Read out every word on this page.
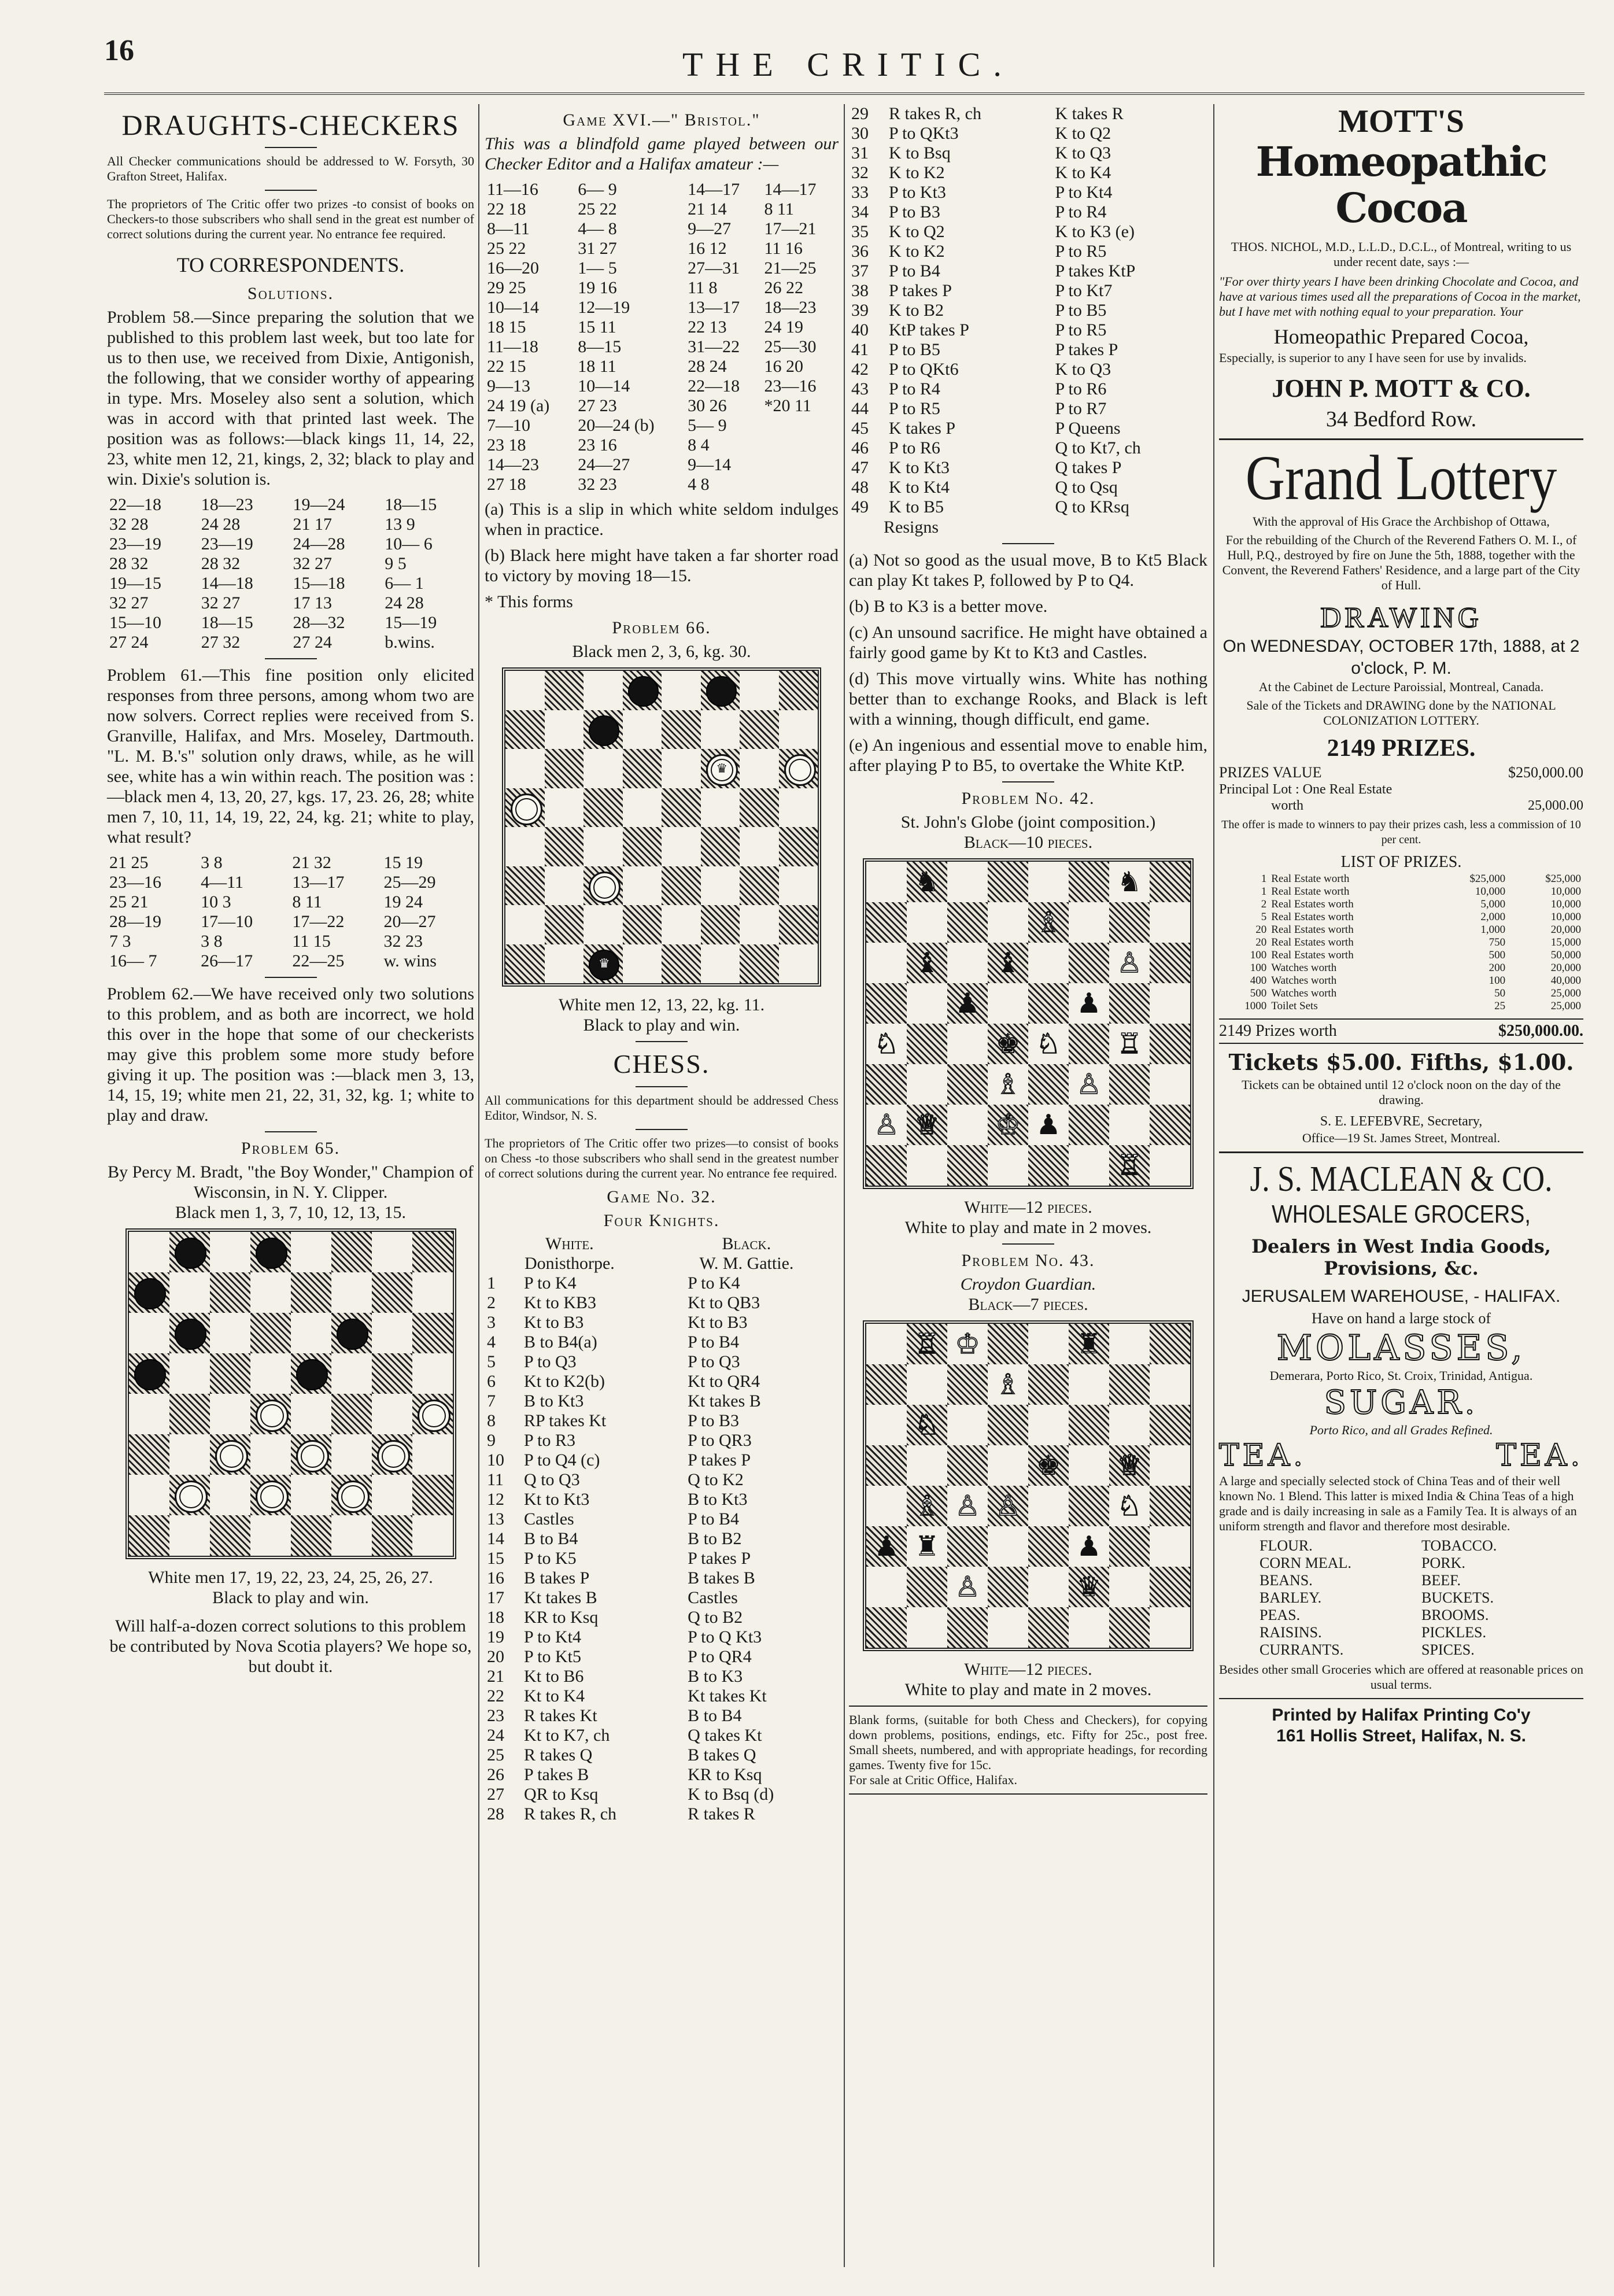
16	THE CRITIC.
DRAUGHTS-CHECKERS

All Checker communications should be addressed to W. Forsyth, 30 Grafton Street, Halifax.

The proprietors of The Critic offer two prizes -to consist of books on Checkers-to those subscribers who shall send in the great est number of correct solutions during the current year. No entrance fee required.

TO CORRESPONDENTS.
Solutions.

Problem 58.—Since preparing the solution that we published to this problem last week, but too late for us to then use, we received from Dixie, Antigonish, the following, that we consider worthy of appearing in type. Mrs. Moseley also sent a solution, which was in accord with that printed last week. The position was as follows:—black kings 11, 14, 22, 23, white men 12, 21, kings, 2, 32; black to play and win. Dixie's solution is.

22—18	18—23	19—24	18—15
32 28	24 28	21 17	13 9
23—19	23—19	24—28	10— 6
28 32	28 32	32 27	9 5
19—15	14—18	15—18	6— 1
32 27	32 27	17 13	24 28
15—10	18—15	28—32	15—19
27 24	27 32	27 24	b.wins.

Problem 61.—This fine position only elicited responses from three persons, among whom two are now solvers. Correct replies were received from S. Granville, Halifax, and Mrs. Moseley, Dartmouth. "L. M. B.'s" solution only draws, while, as he will see, white has a win within reach. The position was :—black men 4, 13, 20, 27, kgs. 17, 23. 26, 28; white men 7, 10, 11, 14, 19, 22, 24, kg. 21; white to play, what result?

21 25	3 8	21 32	15 19
23—16	4—11	13—17	25—29
25 21	10 3	8 11	19 24
28—19	17—10	17—22	20—27
7 3	3 8	11 15	32 23
16— 7	26—17	22—25	w. wins

Problem 62.—We have received only two solutions to this problem, and as both are incorrect, we hold this over in the hope that some of our checkerists may give this problem some more study before giving it up. The position was :—black men 3, 13, 14, 15, 19; white men 21, 22, 31, 32, kg. 1; white to play and draw.

Problem 65.
By Percy M. Bradt, "the Boy Wonder," Champion of Wisconsin, in N. Y. Clipper.
Black men 1, 3, 7, 10, 12, 13, 15.
White men 17, 19, 22, 23, 24, 25, 26, 27.
Black to play and win.

Will half-a-dozen correct solutions to this problem be contributed by Nova Scotia players? We hope so, but doubt it.

Game XVI.—" Bristol."

This was a blindfold game played between our Checker Editor and a Halifax amateur :—

11—16	6— 9	14—17	14—17
22 18	25 22	21 14	8 11
8—11	4— 8	9—27	17—21
25 22	31 27	16 12	11 16
16—20	1— 5	27—31	21—25
29 25	19 16	11 8	26 22
10—14	12—19	13—17	18—23
18 15	15 11	22 13	24 19
11—18	8—15	31—22	25—30
22 15	18 11	28 24	16 20
9—13	10—14	22—18	23—16
24 19 (a)	27 23	30 26	*20 11
7—10	20—24 (b)	5— 9	
23 18	23 16	8 4	
14—23	24—27	9—14	
27 18	32 23	4 8	

(a) This is a slip in which white seldom indulges when in practice.

(b) Black here might have taken a far shorter road to victory by moving 18—15.

* This forms

Problem 66.
Black men 2, 3, 6, kg. 30.
♛
♛
White men 12, 13, 22, kg. 11.
Black to play and win.
CHESS.

All communications for this department should be addressed Chess Editor, Windsor, N. S.

The proprietors of The Critic offer two prizes—to consist of books on Chess -to those subscribers who shall send in the greatest number of correct solutions during the current year. No entrance fee required.

Game No. 32.
Four Knights.
White.	Black.
Donisthorpe.	W. M. Gattie.
1	P to K4	P to K4
2	Kt to KB3	Kt to QB3
3	Kt to B3	Kt to B3
4	B to B4(a)	P to B4
5	P to Q3	P to Q3
6	Kt to K2(b)	Kt to QR4
7	B to Kt3	Kt takes B
8	RP takes Kt	P to B3
9	P to R3	P to QR3
10	P to Q4 (c)	P takes P
11	Q to Q3	Q to K2
12	Kt to Kt3	B to Kt3
13	Castles	P to B4
14	B to B4	B to B2
15	P to K5	P takes P
16	B takes P	B takes B
17	Kt takes B	Castles
18	KR to Ksq	Q to B2
19	P to Kt4	P to Q Kt3
20	P to Kt5	P to QR4
21	Kt to B6	B to K3
22	Kt to K4	Kt takes Kt
23	R takes Kt	B to B4
24	Kt to K7, ch	Q takes Kt
25	R takes Q	B takes Q
26	P takes B	KR to Ksq
27	QR to Ksq	K to Bsq (d)
28	R takes R, ch	R takes R
29	R takes R, ch	K takes R
30	P to QKt3	K to Q2
31	K to Bsq	K to Q3
32	K to K2	K to K4
33	P to Kt3	P to Kt4
34	P to B3	P to R4
35	K to Q2	K to K3 (e)
36	K to K2	P to R5
37	P to B4	P takes KtP
38	P takes P	P to Kt7
39	K to B2	P to B5
40	KtP takes P	P to R5
41	P to B5	P takes P
42	P to QKt6	K to Q3
43	P to R4	P to R6
44	P to R5	P to R7
45	K takes P	P Queens
46	P to R6	Q to Kt7, ch
47	K to Kt3	Q takes P
48	K to Kt4	Q to Qsq
49	K to B5	Q to KRsq
Resigns

(a) Not so good as the usual move, B to Kt5 Black can play Kt takes P, followed by P to Q4.

(b) B to K3 is a better move.

(c) An unsound sacrifice. He might have obtained a fairly good game by Kt to Kt3 and Castles.

(d) This move virtually wins. White has nothing better than to exchange Rooks, and Black is left with a winning, though difficult, end game.

(e) An ingenious and essential move to enable him, after playing P to B5, to overtake the White KtP.

Problem No. 42.
St. John's Globe (joint composition.)
Black—10 pieces.
♞	♞
♗
♝ ♝	♙
♟	♟
♘	♚ ♘ ♖
♗ ♙
♙ ♕ ♔ ♟
♖
White—12 pieces.
White to play and mate in 2 moves.
Problem No. 43.
Croydon Guardian.
Black—7 pieces.
♖ ♔	♜
♗
♘
♚ ♕
♗ ♙ ♙	♘
♟ ♜	♟
♙	♛
White—12 pieces.
White to play and mate in 2 moves.

Blank forms, (suitable for both Chess and Checkers), for copying down problems, positions, endings, etc. Fifty for 25c., post free. Small sheets, numbered, and with appropriate headings, for recording games. Twenty five for 15c.

For sale at Critic Office, Halifax.

MOTT'S
Homeopathic Cocoa
THOS. NICHOL, M.D., L.L.D., D.C.L., of Montreal, writing to us under recent date, says :—
"For over thirty years I have been drinking Chocolate and Cocoa, and have at various times used all the preparations of Cocoa in the market, but I have met with nothing equal to your preparation. Your
Homeopathic Prepared Cocoa,
Especially, is superior to any I have seen for use by invalids.
JOHN P. MOTT & CO.
34 Bedford Row.
Grand Lottery
With the approval of His Grace the Archbishop of Ottawa,
For the rebuilding of the Church of the Reverend Fathers O. M. I., of Hull, P.Q., destroyed by fire on June the 5th, 1888, together with the Convent, the Reverend Fathers' Residence, and a large part of the City of Hull.
DRAWING
On WEDNESDAY, OCTOBER 17th, 1888, at 2 o'clock, P. M.
At the Cabinet de Lecture Paroissial, Montreal, Canada.
Sale of the Tickets and DRAWING done by the NATIONAL COLONIZATION LOTTERY.
2149 PRIZES.
PRIZES VALUE	$250,000.00
Principal Lot : One Real Estate
worth	25,000.00
The offer is made to winners to pay their prizes cash, less a commission of 10 per cent.
LIST OF PRIZES.
1	Real Estate worth	$25,000	$25,000
1	Real Estate worth	10,000	10,000
2	Real Estates worth	5,000	10,000
5	Real Estates worth	2,000	10,000
20	Real Estates worth	1,000	20,000
20	Real Estates worth	750	15,000
100	Real Estates worth	500	50,000
100	Watches worth	200	20,000
400	Watches worth	100	40,000
500	Watches worth	50	25,000
1000	Toilet Sets	25	25,000
2149 Prizes worth	$250,000.00.
Tickets $5.00. Fifths, $1.00.
Tickets can be obtained until 12 o'clock noon on the day of the drawing.
S. E. LEFEBVRE, Secretary,
Office—19 St. James Street, Montreal.
J. S. MACLEAN & CO.
WHOLESALE GROCERS,
Dealers in West India Goods, Provisions, &c.
JERUSALEM WAREHOUSE, - HALIFAX.
Have on hand a large stock of
MOLASSES,
Demerara, Porto Rico, St. Croix, Trinidad, Antigua.
SUGAR.
Porto Rico, and all Grades Refined.
TEA.	TEA.
A large and specially selected stock of China Teas and of their well known No. 1 Blend. This latter is mixed India & China Teas of a high grade and is daily increasing in sale as a Family Tea. It is always of an uniform strength and flavor and therefore most desirable.
FLOUR.	TOBACCO.
CORN MEAL.	PORK.
BEANS.	BEEF.
BARLEY.	BUCKETS.
PEAS.	BROOMS.
RAISINS.	PICKLES.
CURRANTS.	SPICES.
Besides other small Groceries which are offered at reasonable prices on usual terms.
Printed by Halifax Printing Co'y
161 Hollis Street, Halifax, N. S.
